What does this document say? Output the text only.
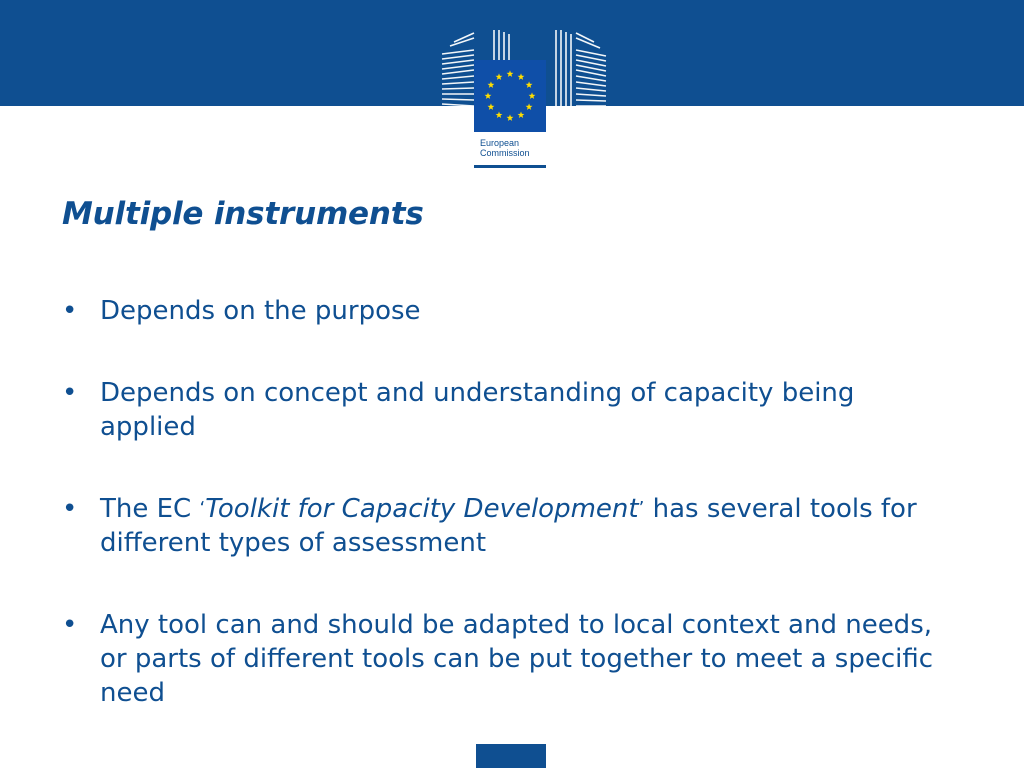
European
Commission
Multiple instruments
• Depends on the purpose
• Depends on concept and understanding of capacity being applied
• The EC ‘Toolkit for Capacity Development’ has several tools for different types of assessment
• Any tool can and should be adapted to local context and needs, or parts of different tools can be put together to meet a specific need
